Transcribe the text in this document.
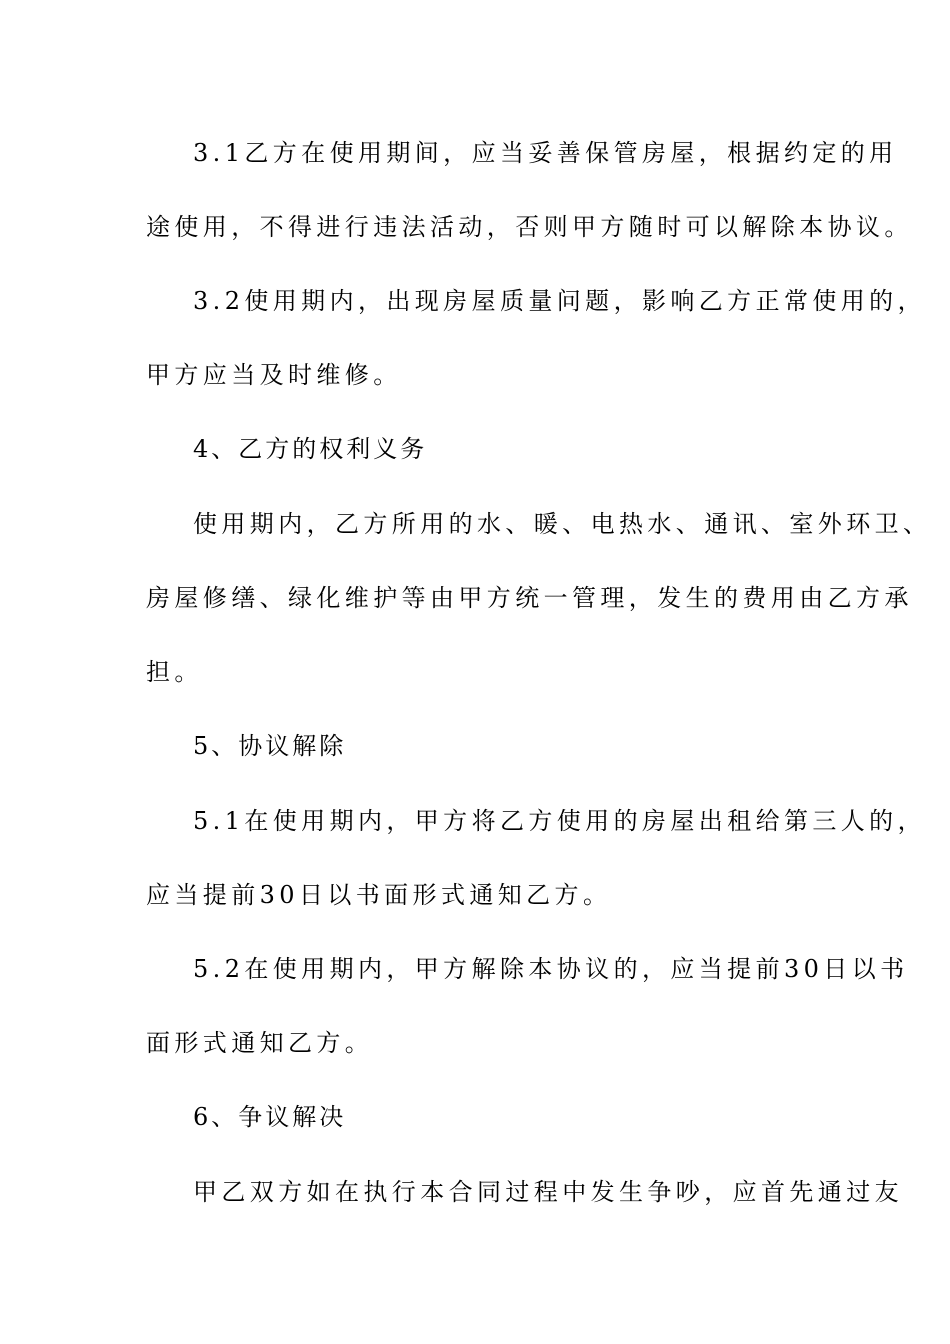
3.1乙方在使用期间，应当妥善保管房屋，根据约定的用
途使用，不得进行违法活动，否则甲方随时可以解除本协议。
3.2使用期内，出现房屋质量问题，影响乙方正常使用的，
甲方应当及时维修。
4、乙方的权利义务
使用期内，乙方所用的水、暖、电热水、通讯、室外环卫、
房屋修缮、绿化维护等由甲方统一管理，发生的费用由乙方承
担。
5、协议解除
5.1在使用期内，甲方将乙方使用的房屋出租给第三人的，
应当提前30日以书面形式通知乙方。
5.2在使用期内，甲方解除本协议的，应当提前30日以书
面形式通知乙方。
6、争议解决
甲乙双方如在执行本合同过程中发生争吵，应首先通过友
